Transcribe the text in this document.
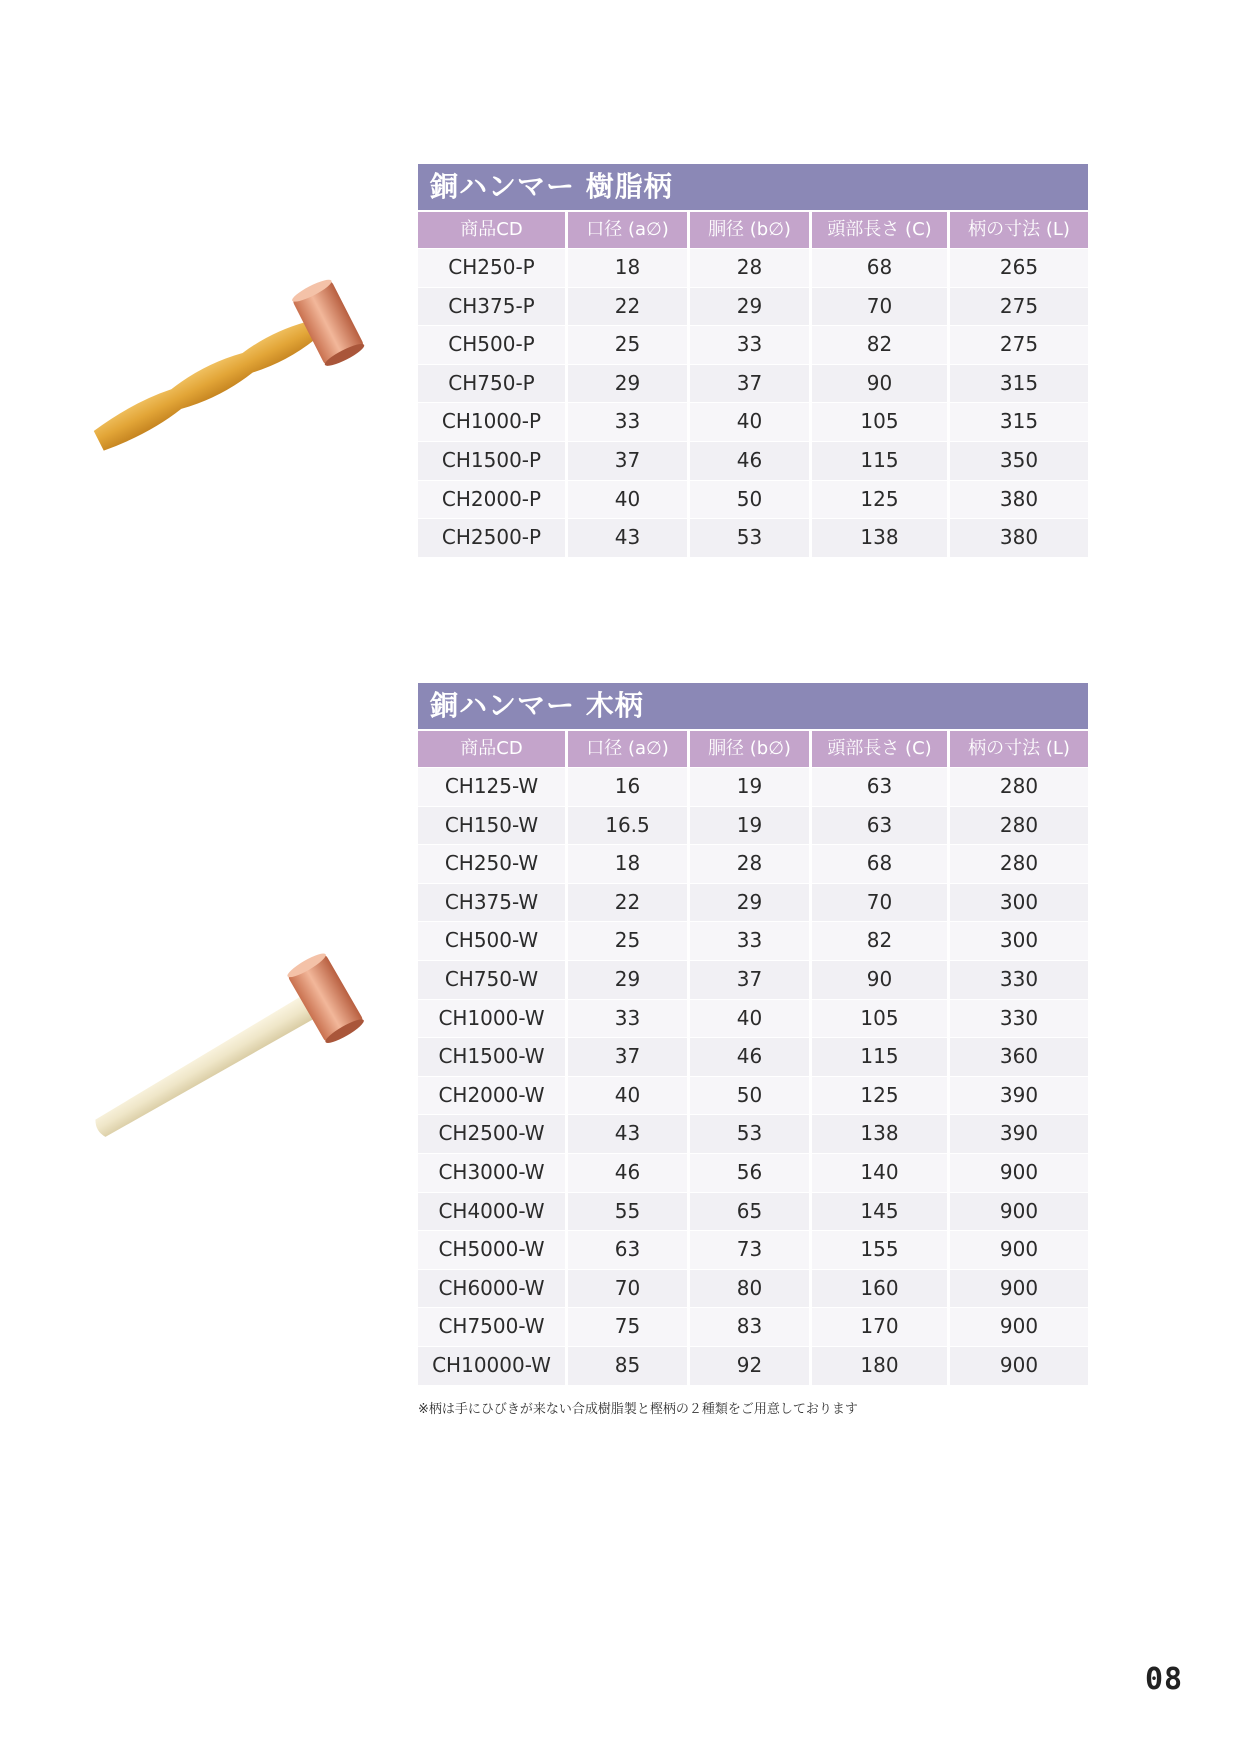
銅ハンマー 樹脂柄
商品CD	口径 (a∅)	胴径 (b∅)	頭部長さ (C)	柄の寸法 (L)
CH250-P	18	28	68	265
CH375-P	22	29	70	275
CH500-P	25	33	82	275
CH750-P	29	37	90	315
CH1000-P	33	40	105	315
CH1500-P	37	46	115	350
CH2000-P	40	50	125	380
CH2500-P	43	53	138	380
銅ハンマー 木柄
商品CD	口径 (a∅)	胴径 (b∅)	頭部長さ (C)	柄の寸法 (L)
CH125-W	16	19	63	280
CH150-W	16.5	19	63	280
CH250-W	18	28	68	280
CH375-W	22	29	70	300
CH500-W	25	33	82	300
CH750-W	29	37	90	330
CH1000-W	33	40	105	330
CH1500-W	37	46	115	360
CH2000-W	40	50	125	390
CH2500-W	43	53	138	390
CH3000-W	46	56	140	900
CH4000-W	55	65	145	900
CH5000-W	63	73	155	900
CH6000-W	70	80	160	900
CH7500-W	75	83	170	900
CH10000-W	85	92	180	900
※柄は手にひびきが来ない合成樹脂製と樫柄の２種類をご用意しております
08
